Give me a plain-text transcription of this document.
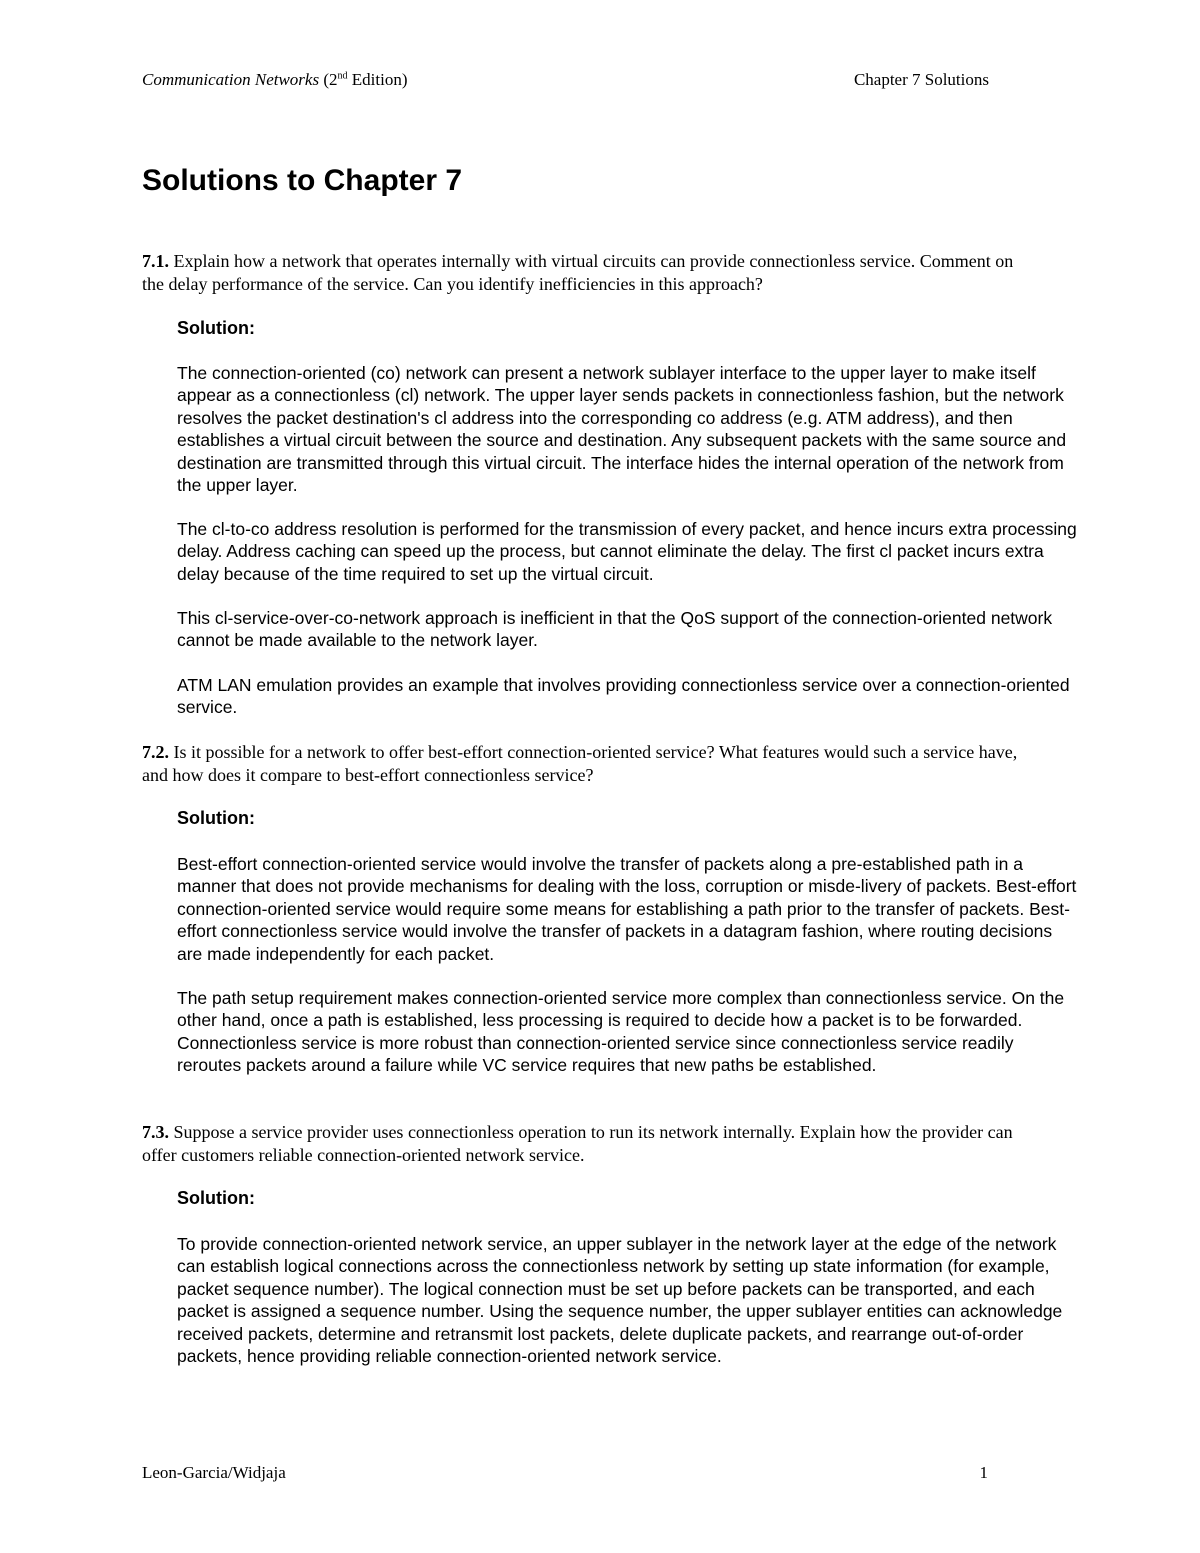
Communication Networks (2nd Edition)	Chapter 7 Solutions
Solutions to Chapter 7

7.1. Explain how a network that operates internally with virtual circuits can provide connectionless service. Comment on the delay performance of the service. Can you identify inefficiencies in this approach?

Solution:

The connection-oriented (co) network can present a network sublayer interface to the upper layer to make itself appear as a connectionless (cl) network. The upper layer sends packets in connectionless fashion, but the network resolves the packet destination's cl address into the corresponding co address (e.g. ATM address), and then establishes a virtual circuit between the source and destination. Any subsequent packets with the same source and destination are transmitted through this virtual circuit. The interface hides the internal operation of the network from the upper layer.

The cl-to-co address resolution is performed for the transmission of every packet, and hence incurs extra processing delay. Address caching can speed up the process, but cannot eliminate the delay. The first cl packet incurs extra delay because of the time required to set up the virtual circuit.

This cl-service-over-co-network approach is inefficient in that the QoS support of the connection-oriented network cannot be made available to the network layer.

ATM LAN emulation provides an example that involves providing connectionless service over a connection-oriented service.

7.2. Is it possible for a network to offer best-effort connection-oriented service? What features would such a service have, and how does it compare to best-effort connectionless service?

Solution:

Best-effort connection-oriented service would involve the transfer of packets along a pre-established path in a manner that does not provide mechanisms for dealing with the loss, corruption or misde-livery of packets. Best-effort connection-oriented service would require some means for establishing a path prior to the transfer of packets. Best-effort connectionless service would involve the transfer of packets in a datagram fashion, where routing decisions are made independently for each packet.

The path setup requirement makes connection-oriented service more complex than connectionless service. On the other hand, once a path is established, less processing is required to decide how a packet is to be forwarded. Connectionless service is more robust than connection-oriented service since connectionless service readily reroutes packets around a failure while VC service requires that new paths be established.

7.3. Suppose a service provider uses connectionless operation to run its network internally. Explain how the provider can offer customers reliable connection-oriented network service.

Solution:

To provide connection-oriented network service, an upper sublayer in the network layer at the edge of the network can establish logical connections across the connectionless network by setting up state information (for example, packet sequence number). The logical connection must be set up before packets can be transported, and each packet is assigned a sequence number. Using the sequence number, the upper sublayer entities can acknowledge received packets, determine and retransmit lost packets, delete duplicate packets, and rearrange out-of-order packets, hence providing reliable connection-oriented network service.

Leon-Garcia/Widjaja	1
